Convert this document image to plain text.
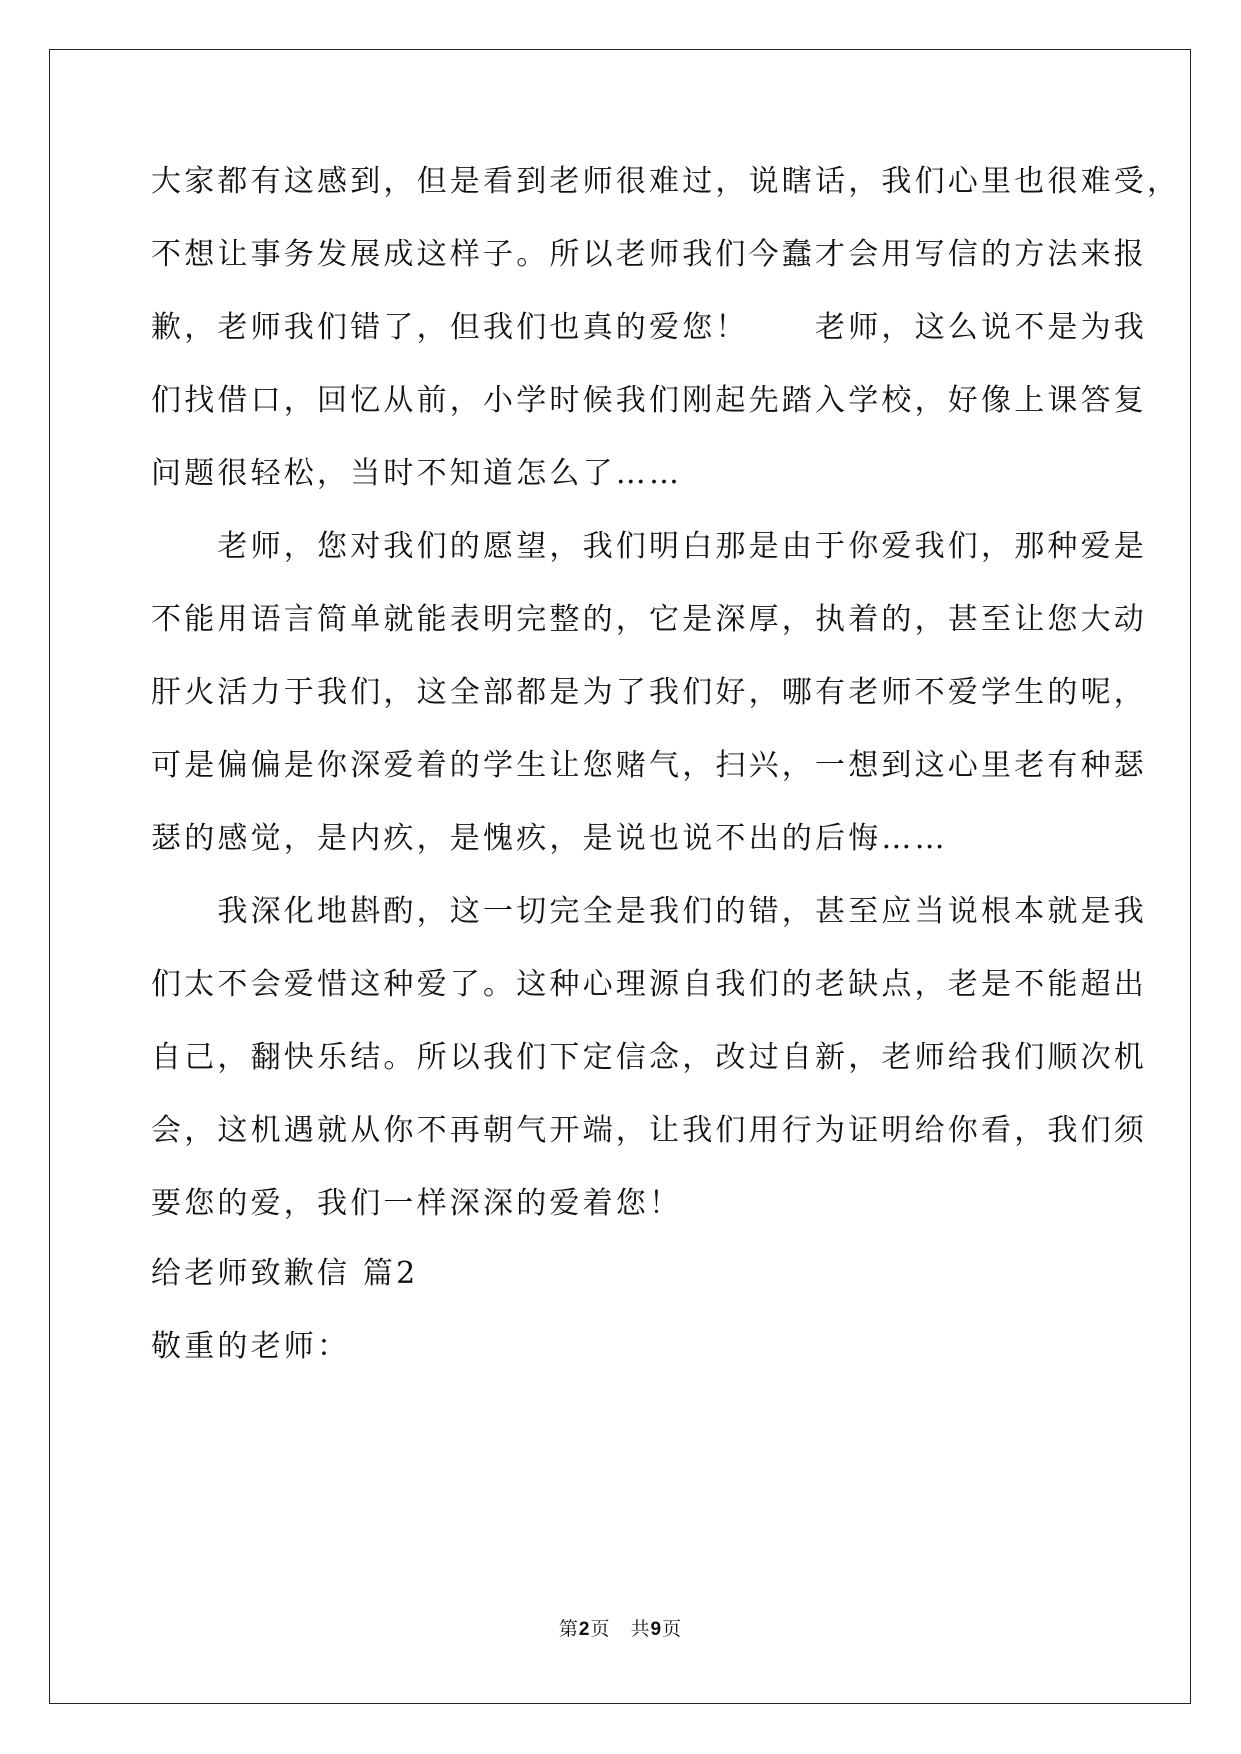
大家都有这感到，但是看到老师很难过，说瞎话，我们心里也很难受，
不想让事务发展成这样子。所以老师我们今蠢才会用写信的方法来报
歉，老师我们错了，但我们也真的爱您！　　老师，这么说不是为我
们找借口，回忆从前，小学时候我们刚起先踏入学校，好像上课答复
问题很轻松，当时不知道怎么了……
　　老师，您对我们的愿望，我们明白那是由于你爱我们，那种爱是
不能用语言简单就能表明完整的，它是深厚，执着的，甚至让您大动
肝火活力于我们，这全部都是为了我们好，哪有老师不爱学生的呢，
可是偏偏是你深爱着的学生让您赌气，扫兴，一想到这心里老有种瑟
瑟的感觉，是内疚，是愧疚，是说也说不出的后悔……
　　我深化地斟酌，这一切完全是我们的错，甚至应当说根本就是我
们太不会爱惜这种爱了。这种心理源自我们的老缺点，老是不能超出
自己，翻快乐结。所以我们下定信念，改过自新，老师给我们顺次机
会，这机遇就从你不再朝气开端，让我们用行为证明给你看，我们须
要您的爱，我们一样深深的爱着您！
给老师致歉信 篇2
敬重的老师：
第2页　共9页
